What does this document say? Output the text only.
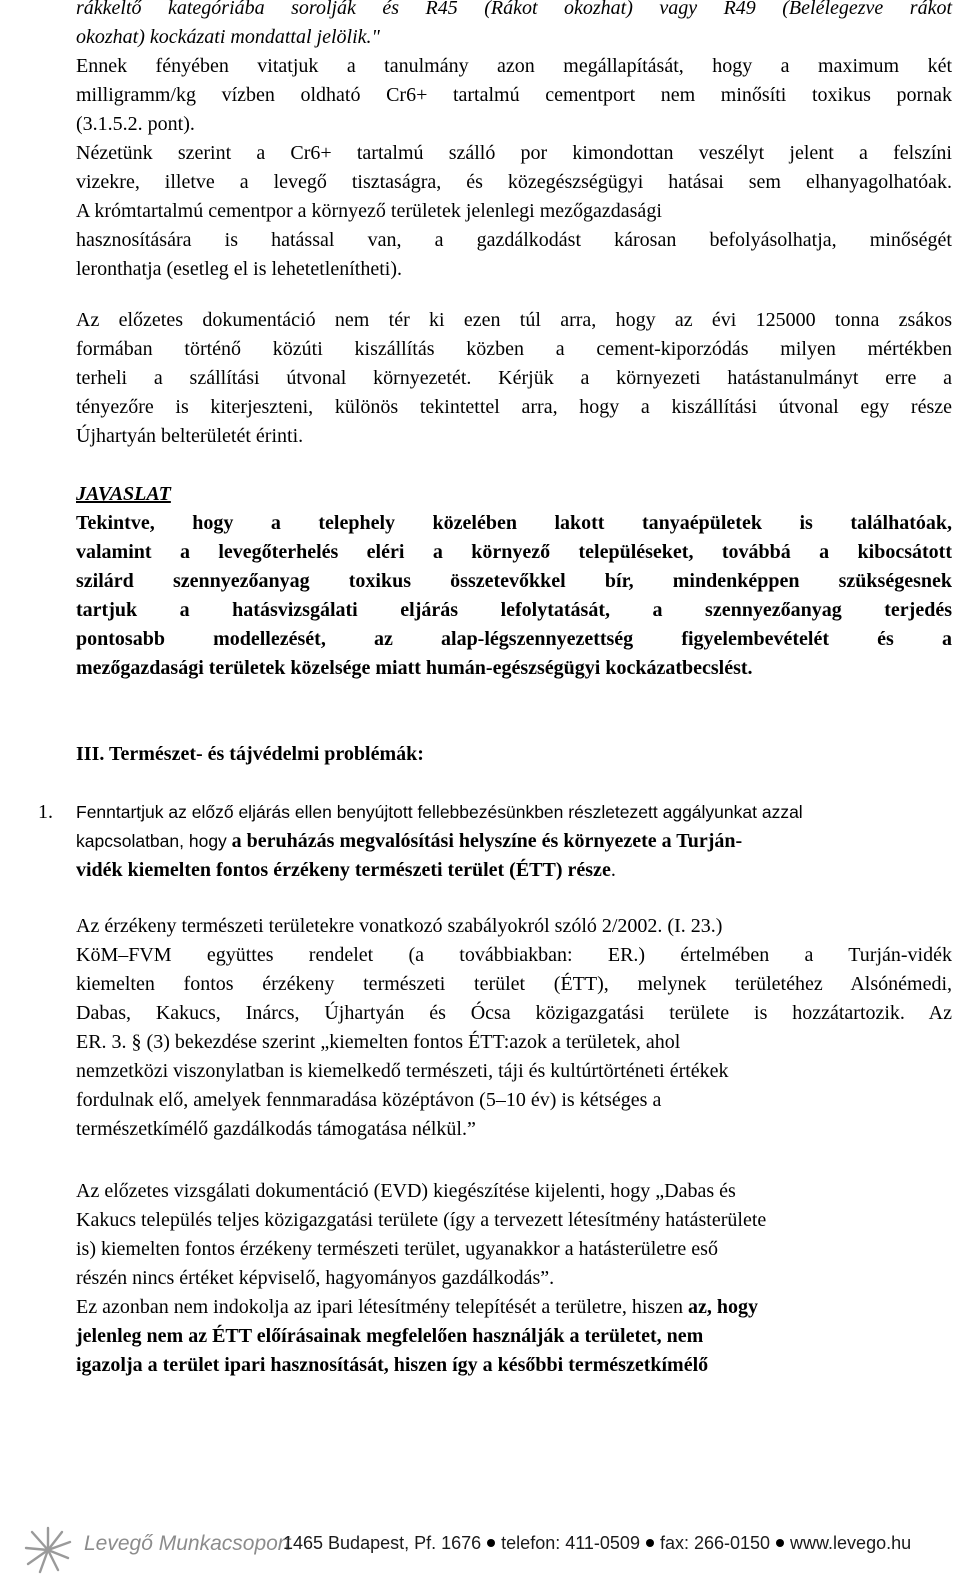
rákkeltő kategóriába sorolják és R45 (Rákot okozhat) vagy R49 (Belélegezve rákot
okozhat) kockázati mondattal jelölik."
Ennek fényében vitatjuk a tanulmány azon megállapítását, hogy a maximum két
milligramm/kg vízben oldható Cr6+ tartalmú cementport nem minősíti toxikus pornak
(3.1.5.2. pont).
Nézetünk szerint a Cr6+ tartalmú szálló por kimondottan veszélyt jelent a felszíni
vizekre, illetve a levegő tisztaságra, és közegészségügyi hatásai sem elhanyagolhatóak.
A krómtartalmú cementpor a környező területek jelenlegi mezőgazdasági
hasznosítására is hatással van, a gazdálkodást károsan befolyásolhatja, minőségét
leronthatja (esetleg el is lehetetlenítheti).
Az előzetes dokumentáció nem tér ki ezen túl arra, hogy az évi 125000 tonna zsákos
formában történő közúti kiszállítás közben a cement-kiporzódás milyen mértékben
terheli a szállítási útvonal környezetét. Kérjük a környezeti hatástanulmányt erre a
tényezőre is kiterjeszteni, különös tekintettel arra, hogy a kiszállítási útvonal egy része
Újhartyán belterületét érinti.
JAVASLAT
Tekintve, hogy a telephely közelében lakott tanyaépületek is találhatóak,
valamint a levegőterhelés eléri a környező településeket, továbbá a kibocsátott
szilárd szennyezőanyag toxikus összetevőkkel bír, mindenképpen szükségesnek
tartjuk a hatásvizsgálati eljárás lefolytatását, a szennyezőanyag terjedés
pontosabb modellezését, az alap-légszennyezettség figyelembevételét és a
mezőgazdasági területek közelsége miatt humán-egészségügyi kockázatbecslést.
III. Természet- és tájvédelmi problémák:
1. Fenntartjuk az előző eljárás ellen benyújtott fellebbezésünkben részletezett aggályunkat azzal
kapcsolatban, hogy a beruházás megvalósítási helyszíne és környezete a Turján-
vidék kiemelten fontos érzékeny természeti terület (ÉTT) része.
Az érzékeny természeti területekre vonatkozó szabályokról szóló 2/2002. (I. 23.)
KöM–FVM együttes rendelet (a továbbiakban: ER.) értelmében a Turján-vidék
kiemelten fontos érzékeny természeti terület (ÉTT), melynek területéhez Alsónémedi,
Dabas, Kakucs, Inárcs, Újhartyán és Ócsa közigazgatási területe is hozzátartozik. Az
ER. 3. § (3) bekezdése szerint „kiemelten fontos ÉTT:azok a területek, ahol
nemzetközi viszonylatban is kiemelkedő természeti, táji és kultúrtörténeti értékek
fordulnak elő, amelyek fennmaradása középtávon (5–10 év) is kétséges a
természetkímélő gazdálkodás támogatása nélkül.”
Az előzetes vizsgálati dokumentáció (EVD) kiegészítése kijelenti, hogy „Dabas és
Kakucs település teljes közigazgatási területe (így a tervezett létesítmény hatásterülete
is) kiemelten fontos érzékeny természeti terület, ugyanakkor a hatásterületre eső
részén nincs értéket képviselő, hagyományos gazdálkodás”.
Ez azonban nem indokolja az ipari létesítmény telepítését a területre, hiszen az, hogy
jelenleg nem az ÉTT előírásainak megfelelően használják a területet, nem
igazolja a terület ipari hasznosítását, hiszen így a későbbi természetkímélő
Levegő Munkacsoport
1465 Budapest, Pf. 1676 telefon: 411-0509 fax: 266-0150 www.levego.hu
